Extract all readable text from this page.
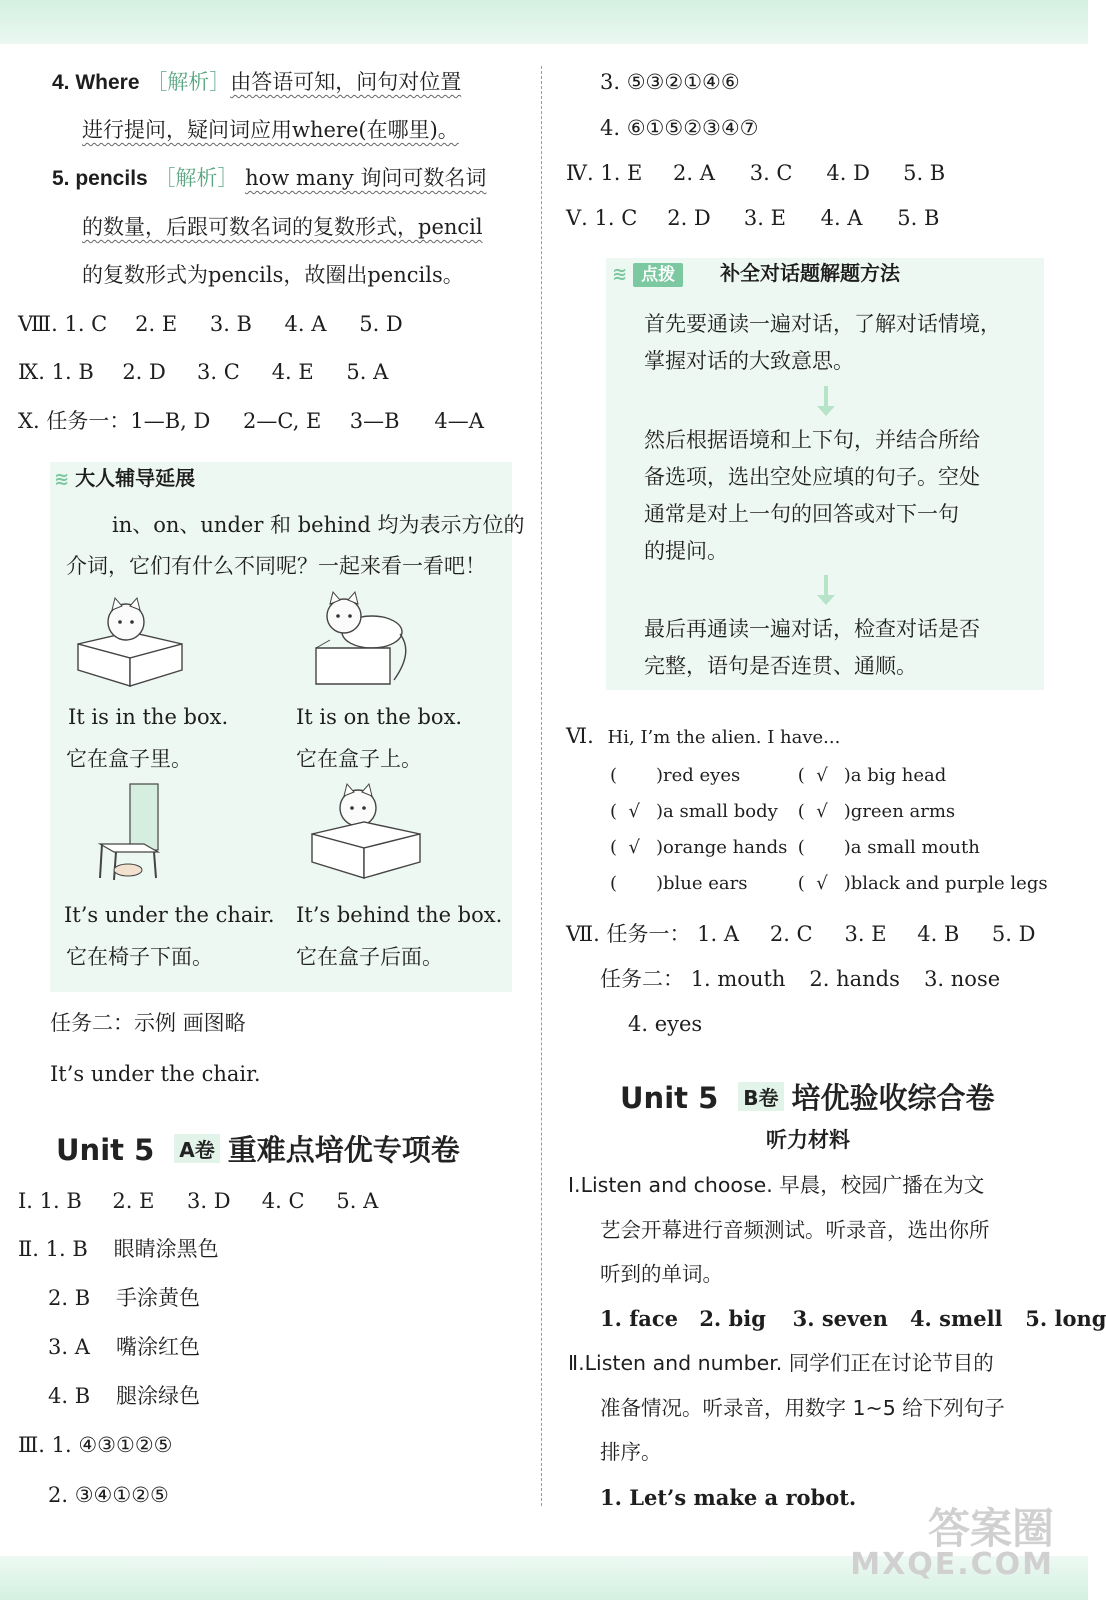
4. Where ［解析］由答语可知，问句对位置
进行提问，疑问词应用where(在哪里)。
5. pencils ［解析］ how many 询问可数名词
的数量，后跟可数名词的复数形式，pencil
的复数形式为pencils，故圈出pencils。
Ⅷ. 1. C 2. E 3. B 4. A 5. D
Ⅸ. 1. B 2. D 3. C 4. E 5. A
Ⅹ. 任务一：1—B, D 2—C, E 3—B 4—A
≋ 大人辅导延展
in、on、under 和 behind 均为表示方位的
介词，它们有什么不同呢？一起来看一看吧！
It is in the box.
它在盒子里。
It is on the box.
它在盒子上。
It’s under the chair.
它在椅子下面。
It’s behind the box.
它在盒子后面。
任务二：示例 画图略
It’s under the chair.
Unit 5 A卷 重难点培优专项卷
Ⅰ. 1. B 2. E 3. D 4. C 5. A
Ⅱ. 1. B 眼睛涂黑色
2. B 手涂黄色
3. A 嘴涂红色
4. B 腿涂绿色
Ⅲ. 1. ④③①②⑤
2. ③④①②⑤
3. ⑤③②①④⑥
4. ⑥①⑤②③④⑦
Ⅳ. 1. E 2. A 3. C 4. D 5. B
Ⅴ. 1. C 2. D 3. E 4. A 5. B
≋ 点拨 补全对话题解题方法
首先要通读一遍对话，了解对话情境，
掌握对话的大致意思。
然后根据语境和上下句，并结合所给
备选项，选出空处应填的句子。空处
通常是对上一句的回答或对下一句
的提问。
最后再通读一遍对话，检查对话是否
完整，语句是否连贯、通顺。
Ⅵ. Hi, I’m the alien. I have...
(  )red eyes	(  √ )a big head
(  √ )a small body (  √ )green arms
(  √ )orange hands (  )a small mouth
(  )blue ears	(  √ )black and purple legs
Ⅶ. 任务一： 1. A 2. C 3. E 4. B 5. D
任务二： 1. mouth 2. hands 3. nose
4. eyes
Unit 5 B卷 培优验收综合卷
听力材料
Ⅰ.Listen and choose. 早晨，校园广播在为文
艺会开幕进行音频测试。听录音，选出你所
听到的单词。
1. face 2. big 3. seven 4. smell 5. long
Ⅱ.Listen and number. 同学们正在讨论节目的
准备情况。听录音，用数字 1~5 给下列句子
排序。
1. Let’s make a robot.
答案圈
MXQE.COM
